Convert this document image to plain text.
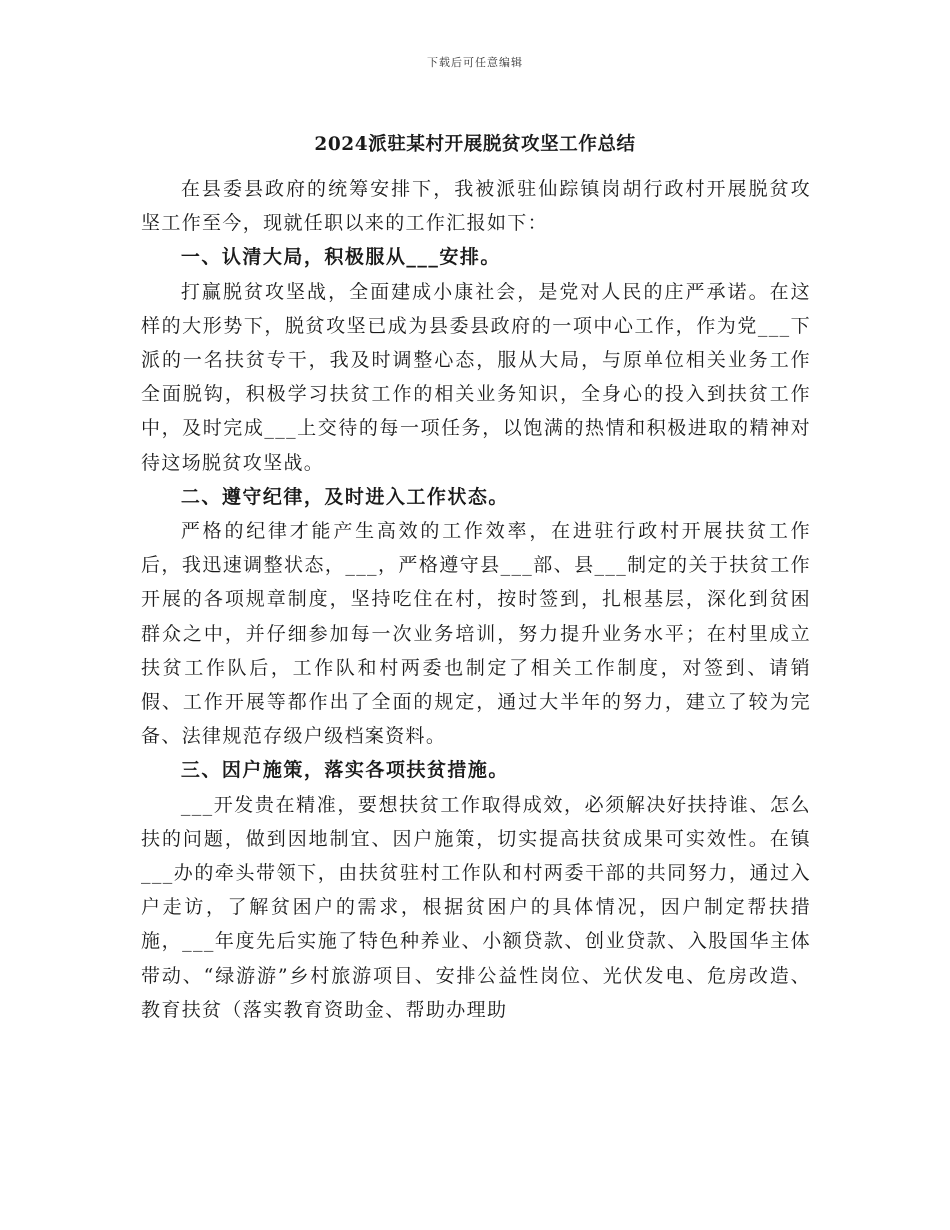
下载后可任意编辑
2024派驻某村开展脱贫攻坚工作总结

在县委县政府的统筹安排下，我被派驻仙踪镇岗胡行政村开展脱贫攻坚工作至今，现就任职以来的工作汇报如下：

一、认清大局，积极服从___安排。

打赢脱贫攻坚战，全面建成小康社会，是党对人民的庄严承诺。在这样的大形势下，脱贫攻坚已成为县委县政府的一项中心工作，作为党___下派的一名扶贫专干，我及时调整心态，服从大局，与原单位相关业务工作全面脱钩，积极学习扶贫工作的相关业务知识，全身心的投入到扶贫工作中，及时完成___上交待的每一项任务，以饱满的热情和积极进取的精神对待这场脱贫攻坚战。

二、遵守纪律，及时进入工作状态。

严格的纪律才能产生高效的工作效率，在进驻行政村开展扶贫工作后，我迅速调整状态，___，严格遵守县___部、县___制定的关于扶贫工作开展的各项规章制度，坚持吃住在村，按时签到，扎根基层，深化到贫困群众之中，并仔细参加每一次业务培训，努力提升业务水平；在村里成立扶贫工作队后，工作队和村两委也制定了相关工作制度，对签到、请销假、工作开展等都作出了全面的规定，通过大半年的努力，建立了较为完备、法律规范存级户级档案资料。

三、因户施策，落实各项扶贫措施。

___开发贵在精准，要想扶贫工作取得成效，必须解决好扶持谁、怎么扶的问题，做到因地制宜、因户施策，切实提高扶贫成果可实效性。在镇___办的牵头带领下，由扶贫驻村工作队和村两委干部的共同努力，通过入户走访，了解贫困户的需求，根据贫困户的具体情况，因户制定帮扶措施，___年度先后实施了特色种养业、小额贷款、创业贷款、入股国华主体带动、“绿游游”乡村旅游项目、安排公益性岗位、光伏发电、危房改造、教育扶贫（落实教育资助金、帮助办理助
